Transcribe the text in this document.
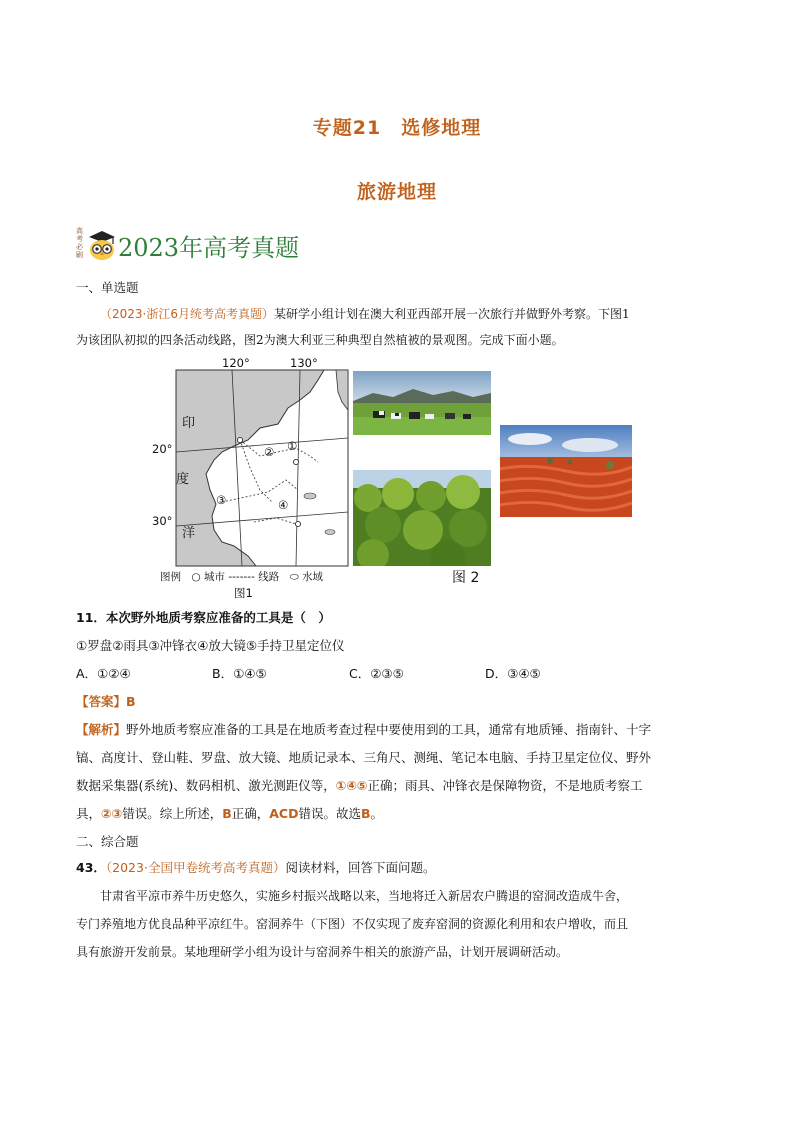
专题21　选修地理
旅游地理
高考必刷 2023年高考真题
一、单选题
（2023·浙江6月统考高考真题）某研学小组计划在澳大利亚西部开展一次旅行并做野外考察。下图1
为该团队初拟的四条活动线路，图2为澳大利亚三种典型自然植被的景观图。完成下面小题。
120°	130°
20°
30°
印
度
洋
①
②
③	④
图例　○ 城市 ------- 线路　⬭ 水域
图1
图 2
11．本次野外地质考察应准备的工具是（　）
①罗盘②雨具③冲锋衣④放大镜⑤手持卫星定位仪
A．①②④	B．①④⑤	C．②③⑤	D．③④⑤
【答案】B
【解析】野外地质考察应准备的工具是在地质考查过程中要使用到的工具，通常有地质锤、指南针、十字
镐、高度计、登山鞋、罗盘、放大镜、地质记录本、三角尺、测绳、笔记本电脑、手持卫星定位仪、野外
数据采集器(系统)、数码相机、激光测距仪等，①④⑤正确；雨具、冲锋衣是保障物资，不是地质考察工
具，②③错误。综上所述，B正确，ACD错误。故选B。
二、综合题
43．（2023·全国甲卷统考高考真题）阅读材料，回答下面问题。
甘肃省平凉市养牛历史悠久，实施乡村振兴战略以来，当地将迁入新居农户腾退的窑洞改造成牛舍，
专门养殖地方优良品种平凉红牛。窑洞养牛（下图）不仅实现了废弃窑洞的资源化利用和农户增收，而且
具有旅游开发前景。某地理研学小组为设计与窑洞养牛相关的旅游产品，计划开展调研活动。
